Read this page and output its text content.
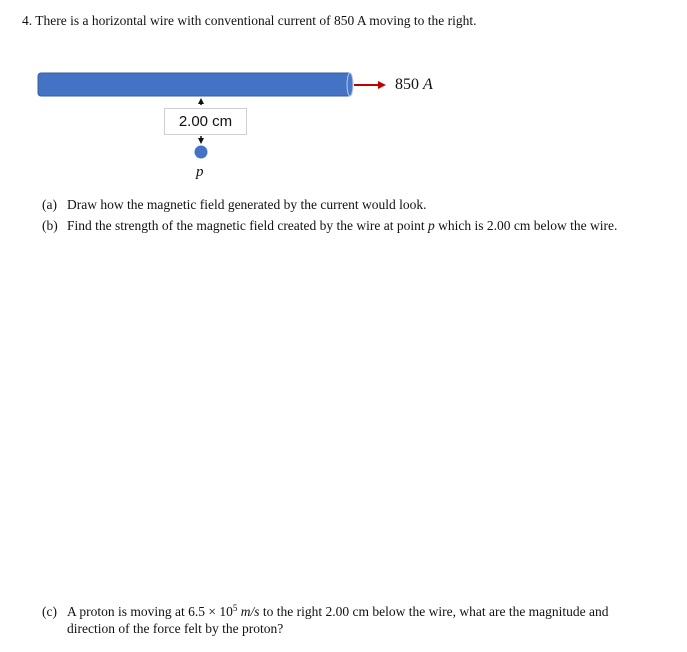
4. There is a horizontal wire with conventional current of 850 A moving to the right.
850 A
2.00 cm
p
(a) Draw how the magnetic field generated by the current would look.
(b) Find the strength of the magnetic field created by the wire at point p which is 2.00 cm below the wire.
(c) A proton is moving at $6.5 \times 10^5$ m/s to the right 2.00 cm below the wire, what are the magnitude and
direction of the force felt by the proton?
